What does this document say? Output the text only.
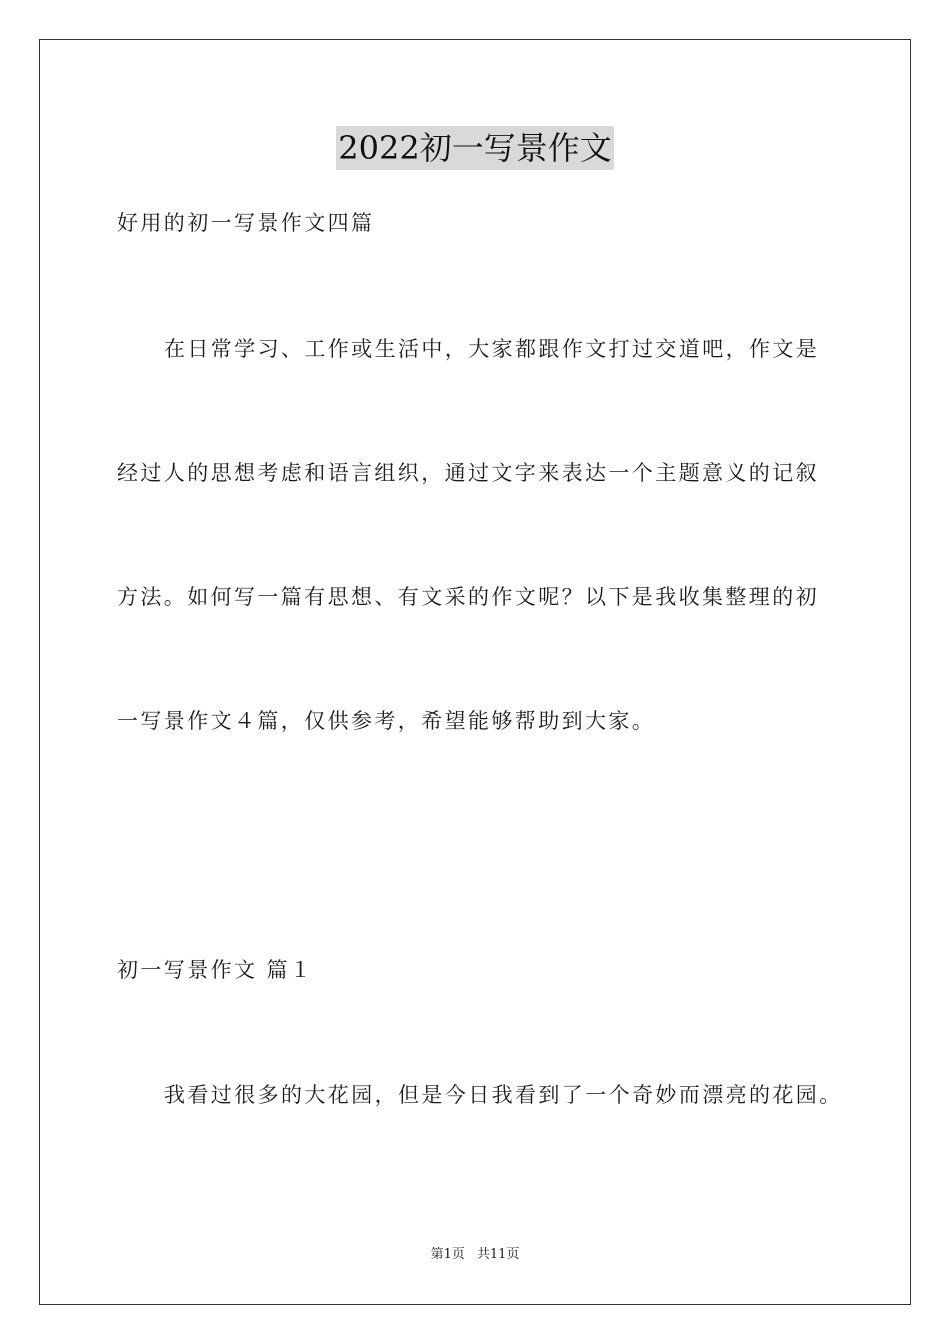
2022初一写景作文
好用的初一写景作文四篇
在日常学习、工作或生活中，大家都跟作文打过交道吧，作文是
经过人的思想考虑和语言组织，通过文字来表达一个主题意义的记叙
方法。如何写一篇有思想、有文采的作文呢？以下是我收集整理的初
一写景作文４篇，仅供参考，希望能够帮助到大家。
初一写景作文 篇１
我看过很多的大花园，但是今日我看到了一个奇妙而漂亮的花园。
第1页 共11页
